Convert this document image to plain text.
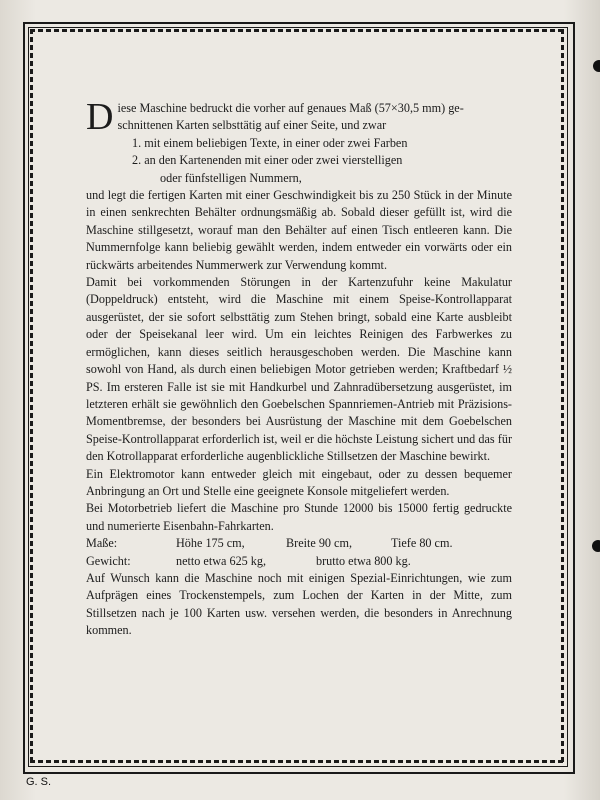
D iese Maschine bedruckt die vorher auf genaues Maß (57×30,5 mm) ge-
schnittenen Karten selbsttätig auf einer Seite, und zwar

1. mit einem beliebigen Texte, in einer oder zwei Farben
2. an den Kartenenden mit einer oder zwei vierstelligen
oder fünfstelligen Nummern,

und legt die fertigen Karten mit einer Geschwindigkeit bis zu 250 Stück in der Minute in einen senkrechten Behälter ordnungsmäßig ab. Sobald dieser gefüllt ist, wird die Maschine stillgesetzt, worauf man den Behälter auf einen Tisch entleeren kann. Die Nummernfolge kann beliebig gewählt werden, indem entweder ein vorwärts oder ein rückwärts arbeitendes Nummerwerk zur Verwendung kommt.

Damit bei vorkommenden Störungen in der Kartenzufuhr keine Makulatur (Doppeldruck) entsteht, wird die Maschine mit einem Speise-Kontrollapparat ausgerüstet, der sie sofort selbsttätig zum Stehen bringt, sobald eine Karte ausbleibt oder der Speisekanal leer wird. Um ein leichtes Reinigen des Farbwerkes zu ermöglichen, kann dieses seitlich herausgeschoben werden. Die Maschine kann sowohl von Hand, als durch einen beliebigen Motor getrieben werden; Kraftbedarf ½ PS. Im ersteren Falle ist sie mit Handkurbel und Zahnradübersetzung ausgerüstet, im letzteren erhält sie gewöhnlich den Goebelschen Spannriemen-Antrieb mit Präzisions-Momentbremse, der besonders bei Ausrüstung der Maschine mit dem Goebelschen Speise-Kontrollapparat erforderlich ist, weil er die höchste Leistung sichert und das für den Kotrollapparat erforderliche augenblickliche Stillsetzen der Maschine bewirkt.

Ein Elektromotor kann entweder gleich mit eingebaut, oder zu dessen bequemer Anbringung an Ort und Stelle eine geeignete Konsole mitgeliefert werden.

Bei Motorbetrieb liefert die Maschine pro Stunde 12000 bis 15000 fertig gedruckte und numerierte Eisenbahn-Fahrkarten.

Maße:	Höhe 175 cm,	Breite 90 cm,	Tiefe 80 cm.
Gewicht:	netto etwa 625 kg,	brutto etwa 800 kg.

Auf Wunsch kann die Maschine noch mit einigen Spezial-Einrichtungen, wie zum Aufprägen eines Trockenstempels, zum Lochen der Karten in der Mitte, zum Stillsetzen nach je 100 Karten usw. versehen werden, die besonders in Anrechnung kommen.

G. S.
